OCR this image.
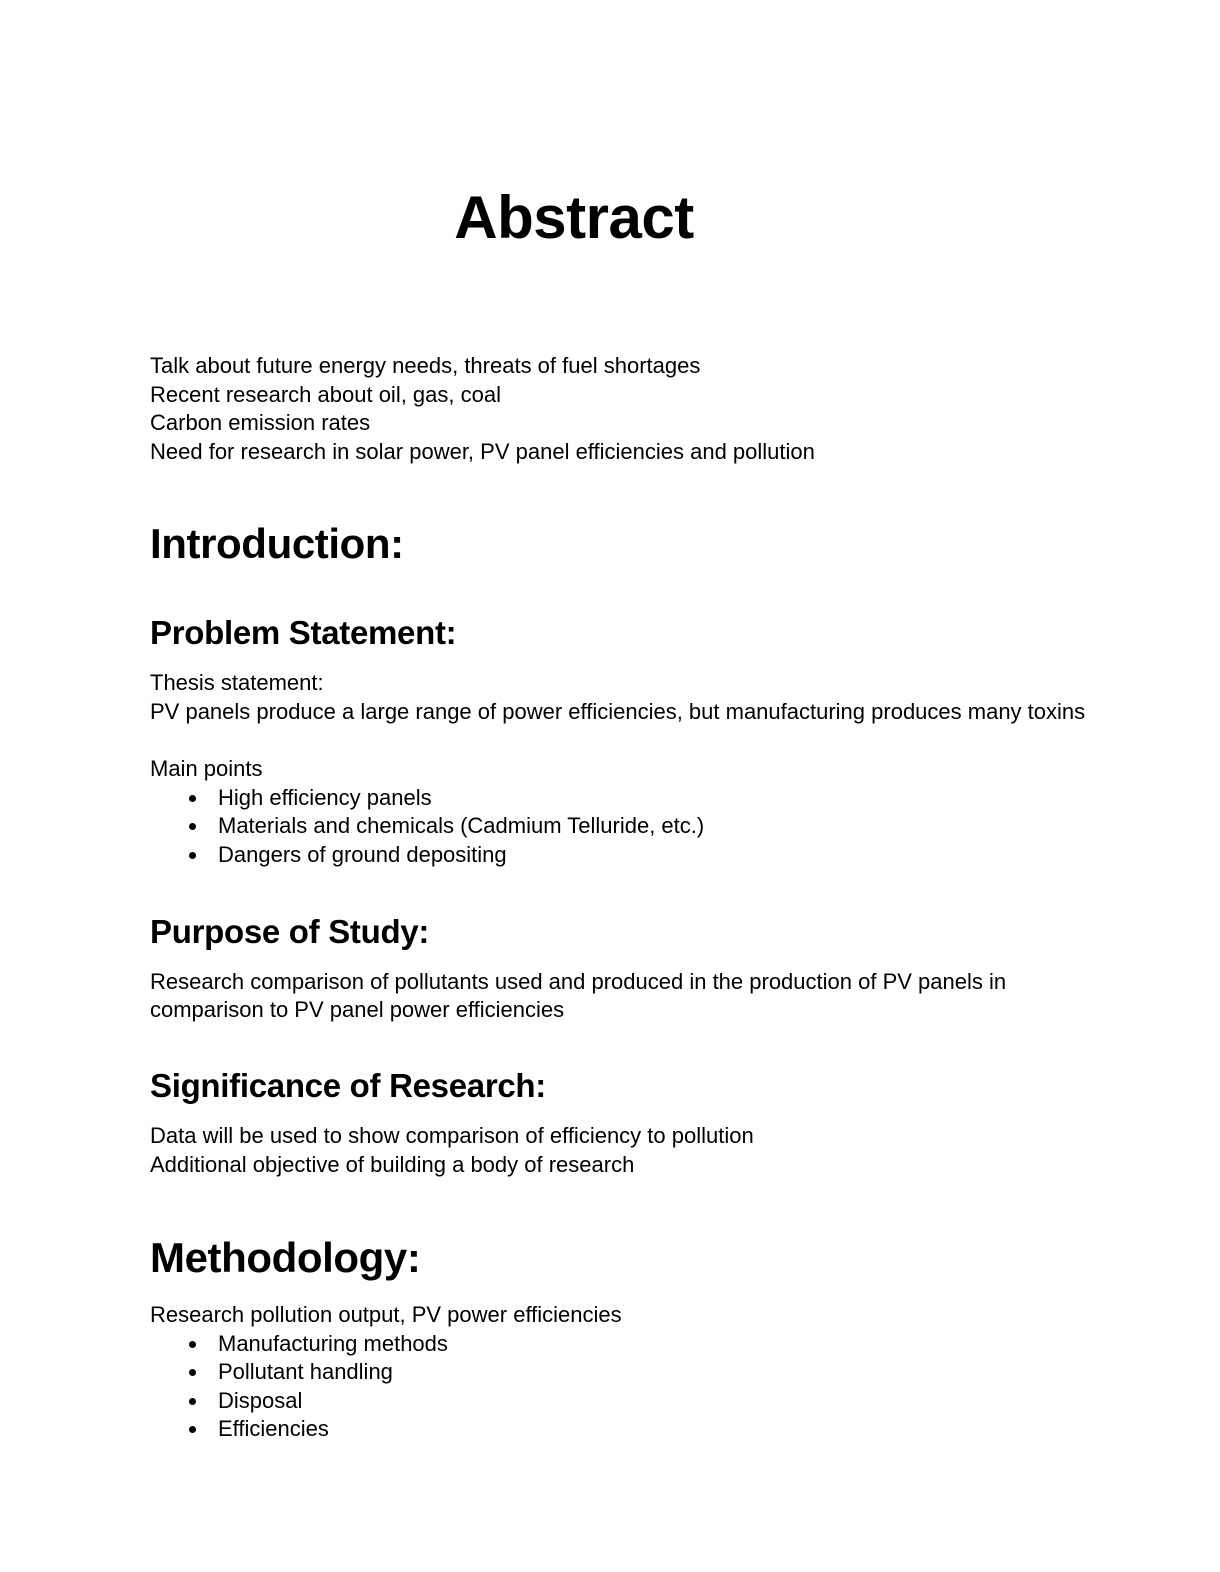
Abstract
Talk about future energy needs, threats of fuel shortages
Recent research about oil, gas, coal
Carbon emission rates
Need for research in solar power, PV panel efficiencies and pollution
Introduction:
Problem Statement:
Thesis statement:
PV panels produce a large range of power efficiencies, but manufacturing produces many toxins
Main points
High efficiency panels
Materials and chemicals (Cadmium Telluride, etc.)
Dangers of ground depositing
Purpose of Study:

Research comparison of pollutants used and produced in the production of PV panels in comparison to PV panel power efficiencies

Significance of Research:
Data will be used to show comparison of efficiency to pollution
Additional objective of building a body of research
Methodology:
Research pollution output, PV power efficiencies
Manufacturing methods
Pollutant handling
Disposal
Efficiencies
